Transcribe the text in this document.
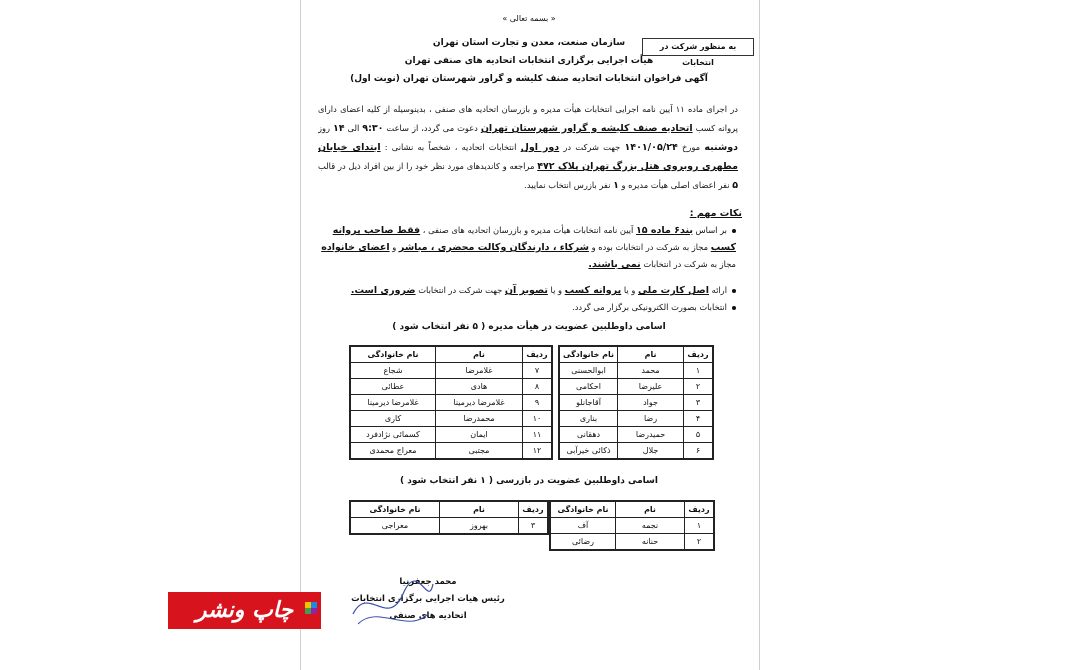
« بسمه تعالی »
به منظور شرکت در انتخابات
سازمان صنعت، معدن و تجارت استان تهران
هیأت اجرایی برگزاری انتخابات اتحادیه های صنفی تهران
آگهی فراخوان انتخابات اتحادیه صنف کلیشه و گراور شهرستان تهران (نوبت اول)
در اجرای ماده ۱۱ آیین نامه اجرایی انتخابات هیأت مدیره و بازرسان اتحادیه های صنفی ، بدینوسیله از کلیه اعضای دارای پروانه کسب اتحادیه صنف کلیشه و گراور شهرستان تهران دعوت می گردد، از ساعت ۹:۳۰ الی ۱۴ روز دوشنبه مورخ ۱۴۰۱/۰۵/۲۴ جهت شرکت در دور اول انتخابات اتحادیه ، شخصاً به نشانی : ابتدای خیابان مطهری روبروی هتل بزرگ تهران پلاک ۴۷۲ مراجعه و کاندیدهای مورد نظر خود را از بین افراد ذیل در قالب ۵ نفر اعضای اصلی هیأت مدیره و ۱ نفر بازرس انتخاب نمایید.
نکات مهم :
بر اساس بند۶ ماده ۱۵ آیین نامه انتخابات هیأت مدیره و بازرسان اتحادیه های صنفی ، فقط صاحب پروانه کسب مجاز به شرکت در انتخابات بوده و شرکاء ، دارندگان وکالت محضری ، مباشر و اعضای خانواده مجاز به شرکت در انتخابات نمی باشند.
ارائه اصل کارت ملی و یا پروانه کسب و یا تصویر آن جهت شرکت در انتخابات ضروری است.
انتخابات بصورت الکترونیکی برگزار می گردد.
اسامی داوطلبین عضویت در هیأت مدیره ( ۵ نفر انتخاب شود )
ردیف	نام	نام خانوادگی
۱	محمد	ابوالحسنی
۲	علیرضا	احکامی
۳	جواد	آقاجانلو
۴	رضا	بناری
۵	حمیدرضا	دهقانی
۶	جلال	ذکائی خیرآبی
ردیف	نام	نام خانوادگی
۷	غلامرضا	شجاع
۸	هادی	عطائی
۹	غلامرضا دیرمینا	غلامرضا دیرمینا
۱۰	محمدرضا	کاری
۱۱	ایمان	کسمائی نژادفرد
۱۲	مجتبی	معراج محمدی
اسامی داوطلبین عضویت در بازرسی ( ۱ نفر انتخاب شود )
ردیف	نام	نام خانوادگی
۱	نجمه	آف
۲	حنانه	رضائی
ردیف	نام	نام خانوادگی
۳	بهروز	معراجی
محمد جعفرنیا
رئیس هیات اجرایی برگزاری انتخابات
اتحادیه های صنفی
چاپ ونشر آنلاین
